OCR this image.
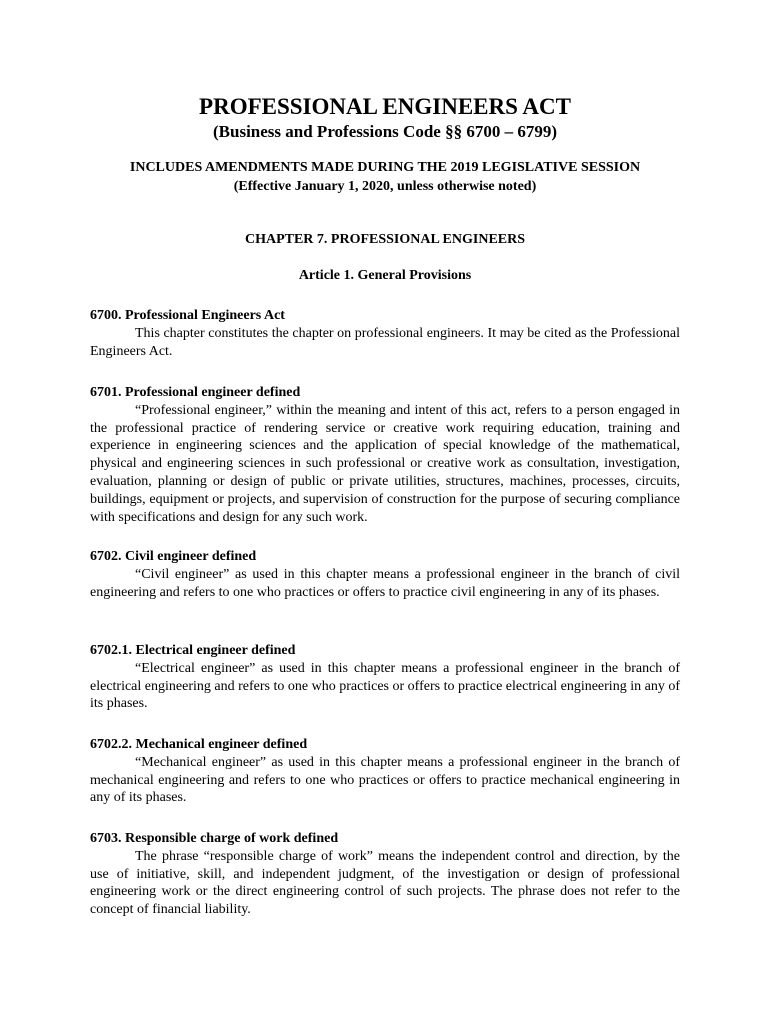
PROFESSIONAL ENGINEERS ACT
(Business and Professions Code §§ 6700 – 6799)
INCLUDES AMENDMENTS MADE DURING THE 2019 LEGISLATIVE SESSION
(Effective January 1, 2020, unless otherwise noted)
CHAPTER 7. PROFESSIONAL ENGINEERS
Article 1. General Provisions

6700. Professional Engineers Act

This chapter constitutes the chapter on professional engineers. It may be cited as the Professional Engineers Act.

6701. Professional engineer defined

“Professional engineer,” within the meaning and intent of this act, refers to a person engaged in the professional practice of rendering service or creative work requiring education, training and experience in engineering sciences and the application of special knowledge of the mathematical, physical and engineering sciences in such professional or creative work as consultation, investigation, evaluation, planning or design of public or private utilities, structures, machines, processes, circuits, buildings, equipment or projects, and supervision of construction for the purpose of securing compliance with specifications and design for any such work.

6702. Civil engineer defined

“Civil engineer” as used in this chapter means a professional engineer in the branch of civil engineering and refers to one who practices or offers to practice civil engineering in any of its phases.

6702.1. Electrical engineer defined

“Electrical engineer” as used in this chapter means a professional engineer in the branch of electrical engineering and refers to one who practices or offers to practice electrical engineering in any of its phases.

6702.2. Mechanical engineer defined

“Mechanical engineer” as used in this chapter means a professional engineer in the branch of mechanical engineering and refers to one who practices or offers to practice mechanical engineering in any of its phases.

6703. Responsible charge of work defined

The phrase “responsible charge of work” means the independent control and direction, by the use of initiative, skill, and independent judgment, of the investigation or design of professional engineering work or the direct engineering control of such projects. The phrase does not refer to the concept of financial liability.
